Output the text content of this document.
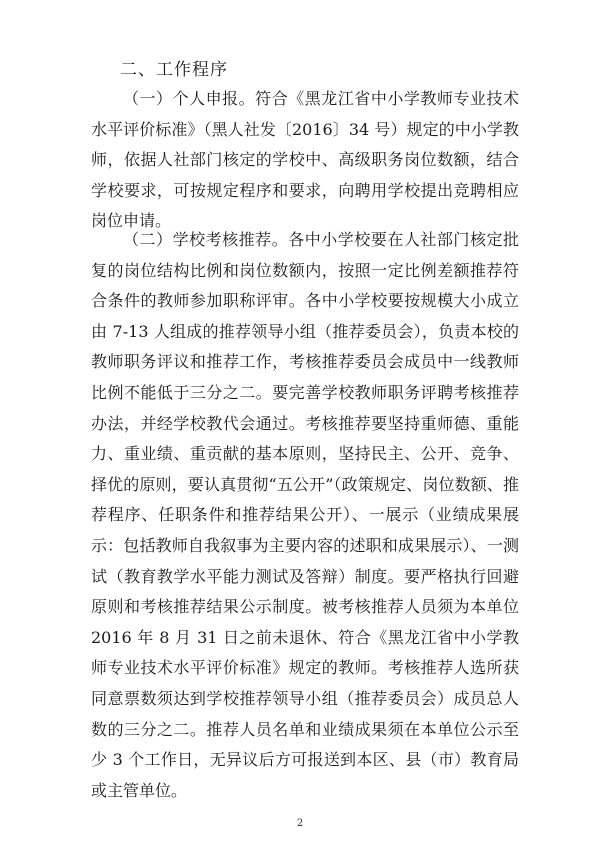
二、工作程序

（一）个人申报。符合《黑龙江省中小学教师专业技术水平评价标准》（黑人社发〔2016〕34 号）规定的中小学教师，依据人社部门核定的学校中、高级职务岗位数额，结合学校要求，可按规定程序和要求，向聘用学校提出竞聘相应岗位申请。

（二）学校考核推荐。各中小学校要在人社部门核定批复的岗位结构比例和岗位数额内，按照一定比例差额推荐符合条件的教师参加职称评审。各中小学校要按规模大小成立由 7-13 人组成的推荐领导小组（推荐委员会），负责本校的教师职务评议和推荐工作，考核推荐委员会成员中一线教师比例不能低于三分之二。要完善学校教师职务评聘考核推荐办法，并经学校教代会通过。考核推荐要坚持重师德、重能力、重业绩、重贡献的基本原则，坚持民主、公开、竞争、择优的原则，要认真贯彻“五公开”（政策规定、岗位数额、推荐程序、任职条件和推荐结果公开）、一展示（业绩成果展示：包括教师自我叙事为主要内容的述职和成果展示）、一测试（教育教学水平能力测试及答辩）制度。要严格执行回避原则和考核推荐结果公示制度。被考核推荐人员须为本单位 2016 年 8 月 31 日之前未退休、符合《黑龙江省中小学教师专业技术水平评价标准》规定的教师。考核推荐人选所获同意票数须达到学校推荐领导小组（推荐委员会）成员总人数的三分之二。推荐人员名单和业绩成果须在本单位公示至少 3 个工作日，无异议后方可报送到本区、县（市）教育局或主管单位。

2
